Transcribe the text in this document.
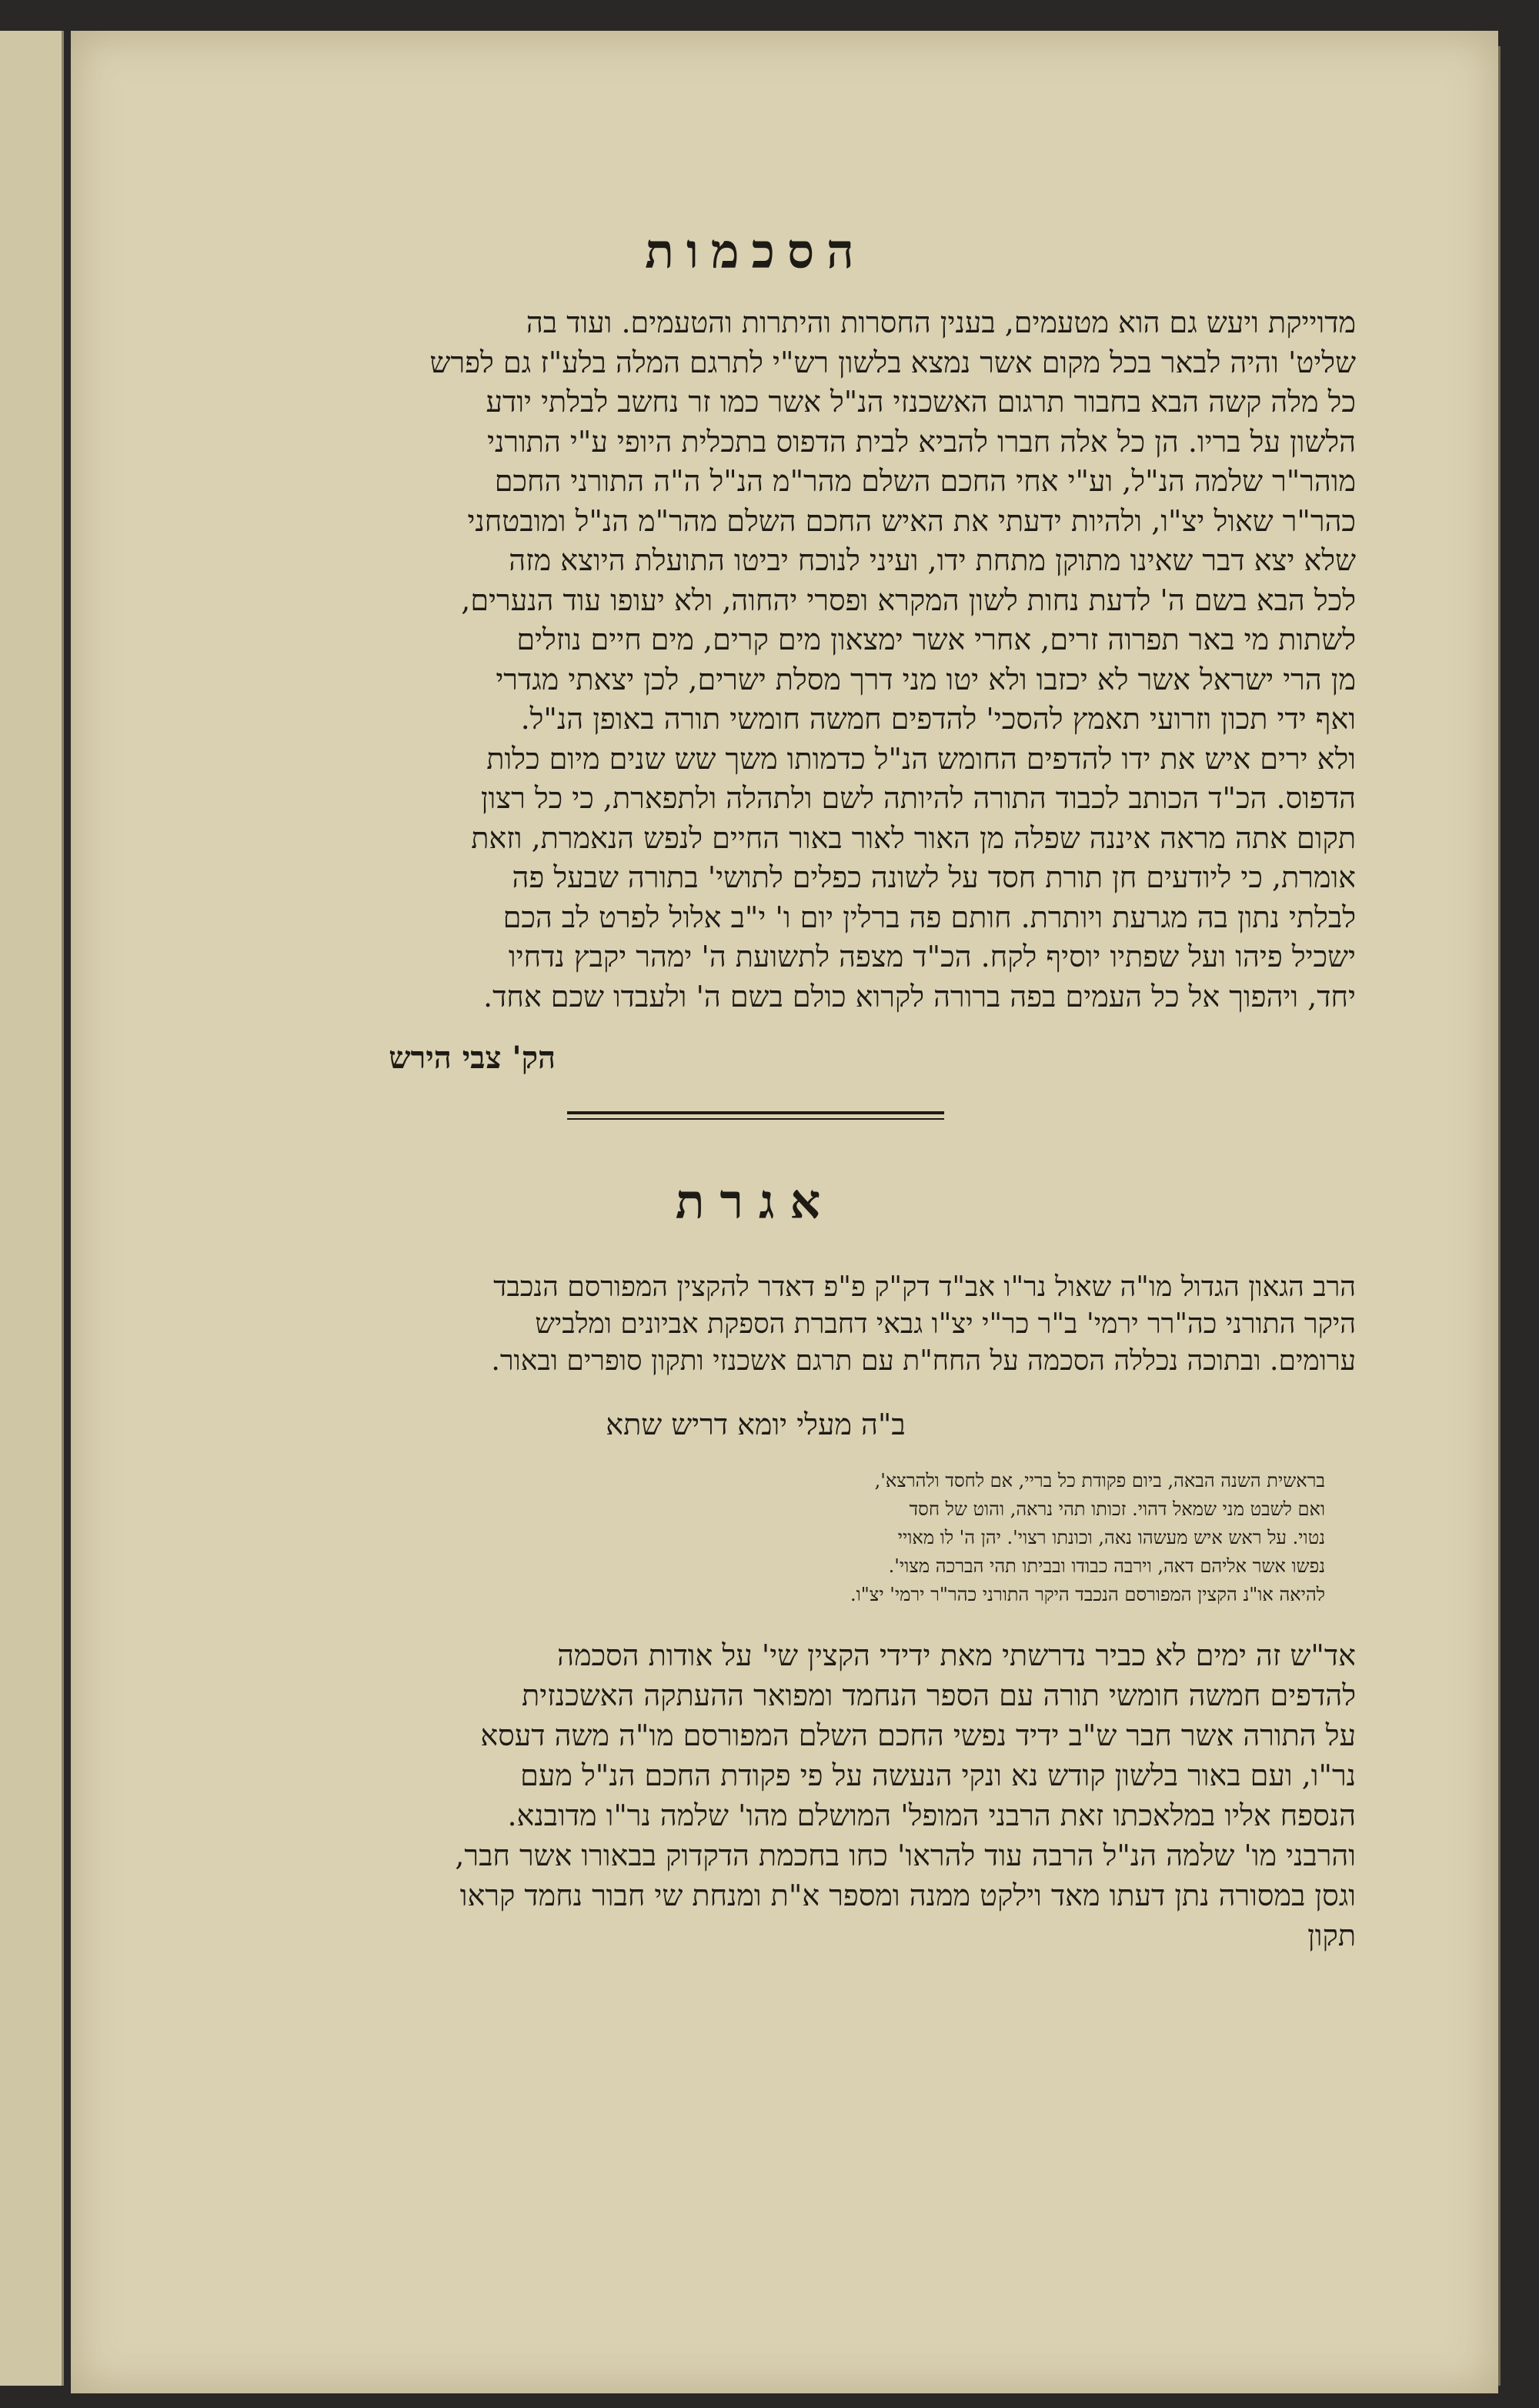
הסכמות
מדוייקת ויעש גם הוא מטעמים, בענין החסרות והיתרות והטעמים. ועוד בה
שליט' והיה לבאר בכל מקום אשר נמצא בלשון רש"י לתרגם המלה בלע"ז גם לפרש
כל מלה קשה הבא בחבור תרגום האשכנזי הנ"ל אשר כמו זר נחשב לבלתי יודע
הלשון על בריו. הן כל אלה חברו להביא לבית הדפוס בתכלית היופי ע"י התורני
מוהר"ר שלמה הנ"ל, וע"י אחי החכם השלם מהר"מ הנ"ל ה"ה התורני החכם
כהר"ר שאול יצ"ו, ולהיות ידעתי את האיש החכם השלם מהר"מ הנ"ל ומובטחני
שלא יצא דבר שאינו מתוקן מתחת ידו, ועיני לנוכח יביטו התועלת היוצא מזה
לכל הבא בשם ה' לדעת נחות לשון המקרא ופסרי יהחוה, ולא יעופו עוד הנערים,
לשתות מי באר תפרוה זרים, אחרי אשר ימצאון מים קרים, מים חיים נוזלים
מן הרי ישראל אשר לא יכזבו ולא יטו מני דרך מסלת ישרים, לכן יצאתי מגדרי
ואף ידי תכון וזרועי תאמץ להסכי' להדפים חמשה חומשי תורה באופן הנ"ל.
ולא ירים איש את ידו להדפים החומש הנ"ל כדמותו משך שש שנים מיום כלות
הדפוס. הכ"ד הכותב לכבוד התורה להיותה לשם ולתהלה ולתפארת, כי כל רצון
תקום אתה מראה איננה שפלה מן האור לאור באור החיים לנפש הנאמרת, וזאת
אומרת, כי ליודעים חן תורת חסד על לשונה כפלים לתושי' בתורה שבעל פה
לבלתי נתון בה מגרעת ויותרת. חותם פה ברלין יום ו' י"ב אלול לפרט לב הכם
ישכיל פיהו ועל שפתיו יוסיף לקח. הכ"ד מצפה לתשועת ה' ימהר יקבץ נדחיו
יחד, ויהפוך אל כל העמים בפה ברורה לקרוא כולם בשם ה' ולעבדו שכם אחד.
הק' צבי הירש
אגרת
הרב הגאון הגדול מו"ה שאול נר"ו אב"ד דק"ק פ"פ דאדר להקצין המפורסם הנכבד
היקר התורני כה"רר ירמי' ב"ר כר"י יצ"ו גבאי דחברת הספקת אביונים ומלביש
ערומים. ובתוכה נכללה הסכמה על החח"ת עם תרגם אשכנזי ותקון סופרים ובאור.
ב"ה מעלי יומא דריש שתא
בראשית השנה הבאה, ביום פקודת כל בריי, אם לחסד ולהרצא',
ואם לשבט מני שמאל דהוי. זכותו תהי נראה, והוט של חסד
נטוי. על ראש איש מעשהו נאה, וכונתו רצוי'. יהן ה' לו מאויי
נפשו אשר אליהם דאה, וירבה כבודו ובביתו תהי הברכה מצוי'.
להיאה או"נ הקצין המפורסם הנכבד היקר התורני כהר"ר ירמי' יצ"ו.
אד"ש זה ימים לא כביר נדרשתי מאת ידידי הקצין שי' על אודות הסכמה
להדפים חמשה חומשי תורה עם הספר הנחמד ומפואר ההעתקה האשכנזית
על התורה אשר חבר ש"ב ידיד נפשי החכם השלם המפורסם מו"ה משה דעסא
נר"ו, ועם באור בלשון קודש נא ונקי הנעשה על פי פקודת החכם הנ"ל מעם
הנספח אליו במלאכתו זאת הרבני המופל' המושלם מהו' שלמה נר"ו מדובנא.
והרבני מו' שלמה הנ"ל הרבה עוד להראו' כחו בחכמת הדקדוק בבאורו אשר חבר,
וגסן במסורה נתן דעתו מאד וילקט ממנה ומספר א"ת ומנחת שי חבור נחמד קראו
תקון
